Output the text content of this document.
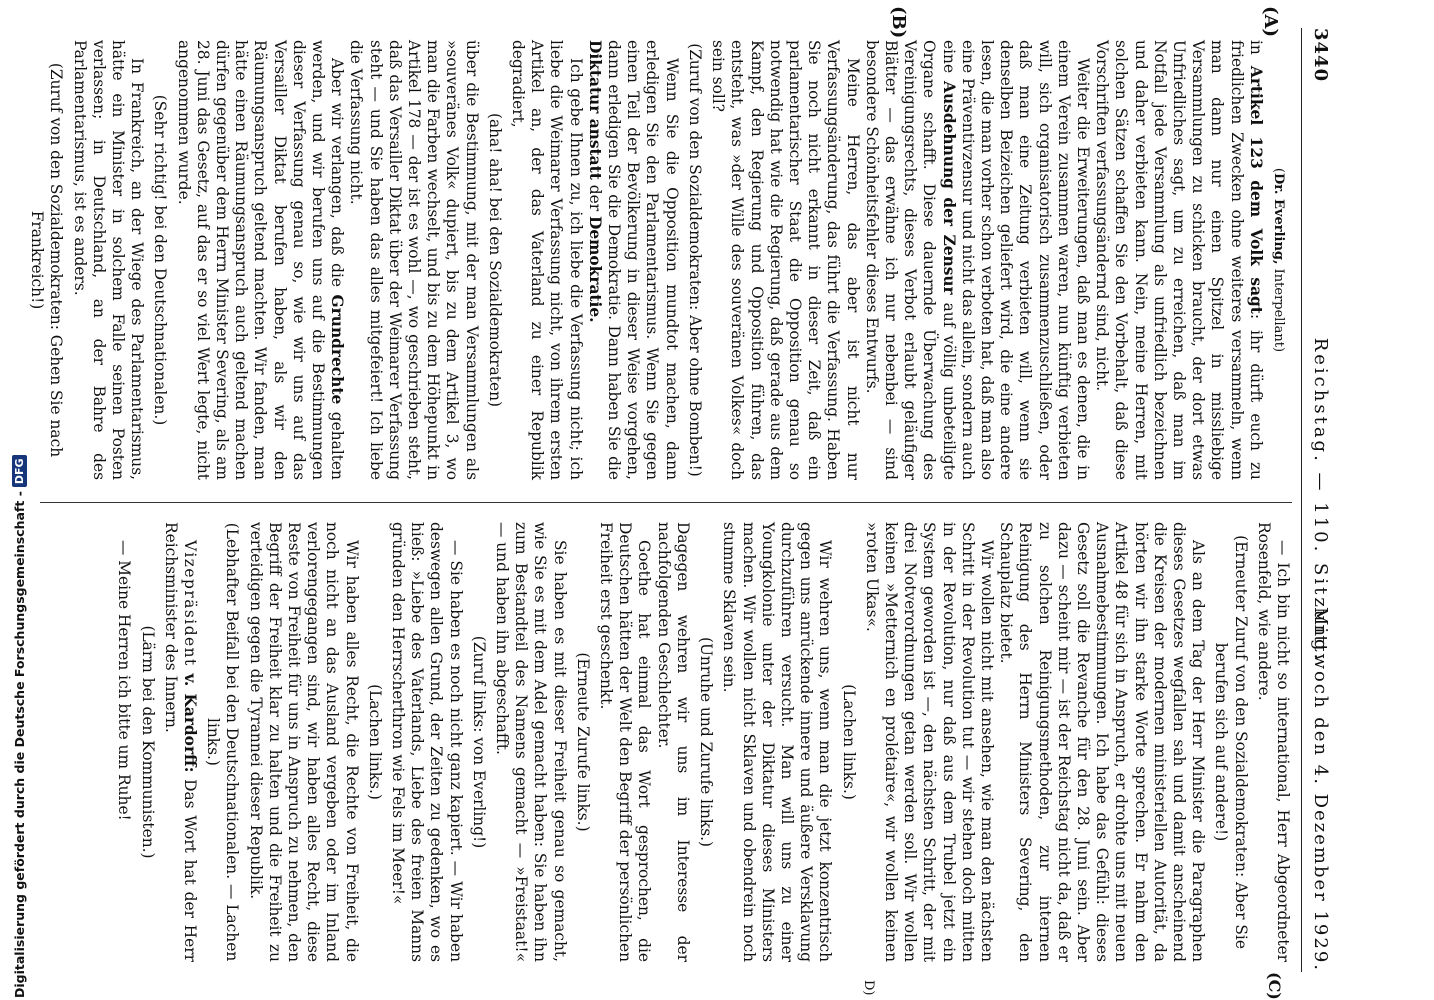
3440
Reichstag. — 110. Sitzung.
Mittwoch den 4. Dezember 1929.
(A)
(B)
(C)
D)

(Dr. Everling, Interpellant)

in Artikel 123 dem Volk sagt: ihr dürft euch zu friedlichen Zwecken ohne weiteres versammeln, wenn man dann nur einen Spitzel in missliebige Versammlungen zu schicken braucht, der dort etwas Unfriedliches sagt, um zu erreichen, daß man im Notfall jede Versammlung als unfriedlich bezeichnen und daher verbieten kann. Nein, meine Herren, mit solchen Sätzen schaffen Sie den Vorbehalt, daß diese Vorschriften verfassungsändernd sind, nicht.

Weiter die Erweiterungen, daß man es denen, die in einem Verein zusammen waren, nun künftig verbieten will, sich organisatorisch zusammenzuschließen, oder daß man eine Zeitung verbieten will, wenn sie denselben Beizeichen geliefert wird, die eine andere lesen, die man vorher schon verboten hat, daß man also eine Präventivzensur und nicht das allein, sondern auch eine Ausdehnung der Zensur auf völlig unbeteiligte Organe schafft. Diese dauernde Überwachung des Vereinigungsrechts, dieses Verbot erlaubt geläufiger Blätter — das erwähne ich nur nebenbei — sind besondere Schönheitsfehler dieses Entwurfs.

Meine Herren, das aber ist nicht nur Verfassungsänderung, das führt die Verfassung. Haben Sie noch nicht erkannt in dieser Zeit, daß ein parlamentarischer Staat die Opposition genau so notwendig hat wie die Regierung, daß gerade aus dem Kampf, den Regierung und Opposition führen, das entsteht, was »der Wille des souveränen Volkes« doch sein soll?

(Zuruf von den Sozialdemokraten: Aber ohne Bomben!)

Wenn Sie die Opposition mundtot machen, dann erledigen Sie den Parlamentarismus. Wenn Sie gegen einen Teil der Bevölkerung in dieser Weise vorgehen, dann erledigen Sie die Demokratie. Dann haben Sie die Diktatur anstatt der Demokratie.

Ich gebe Ihnen zu, ich liebe die Verfassung nicht; ich liebe die Weimarer Verfassung nicht, von ihrem ersten Artikel an, der das Vaterland zu einer Republik degradiert,

(aha! aha! bei den Sozialdemokraten)

über die Bestimmung, mit der man Versammlungen als »souveränes Volk« dupiert, bis zu dem Artikel 3, wo man die Farben wechselt, und bis zu dem Höhepunkt in Artikel 178 — der ist es wohl —, wo geschrieben steht, daß das Versailler Diktat über der Weimarer Verfassung steht — und Sie haben das alles mitgefeiert! Ich liebe die Verfassung nicht.

Aber wir verlangen, daß die Grundrechte gehalten werden, und wir berufen uns auf die Bestimmungen dieser Verfassung genau so, wie wir uns auf das Versailler Diktat berufen haben, als wir den Räumungsanspruch geltend machten. Wir fanden, man hätte einen Räumungsanspruch auch geltend machen dürfen gegenüber dem Herrn Minister Severing, als am 28. Juni das Gesetz, auf das er so viel Wert legte, nicht angenommen wurde.

(Sehr richtig! bei den Deutschnationalen.)

In Frankreich, an der Wiege des Parlamentarismus, hätte ein Minister in solchem Falle seinen Posten verlassen; in Deutschland, an der Bahre des Parlamentarismus, ist es anders.

(Zuruf von den Sozialdemokraten: Gehen Sie nach Frankreich!)

— Ich bin nicht so international, Herr Abgeordneter Rosenfeld, wie andere.

(Erneuter Zuruf von den Sozialdemokraten: Aber Sie berufen sich auf andere!)

Als an dem Tag der Herr Minister die Paragraphen dieses Gesetzes wegfallen sah und damit anscheinend die Kreisen der modernen ministeriellen Autorität, da hörten wir ihn starke Worte sprechen. Er nahm den Artikel 48 für sich in Anspruch, er drohte uns mit neuen Ausnahmebestimmungen. Ich habe das Gefühl: dieses Gesetz soll die Revanche für den 28. Juni sein. Aber dazu — scheint mir — ist der Reichstag nicht da, daß er zu solchen Reinigungsmethoden, zur internen Reinigung des Herrn Ministers Severing, den Schauplatz bietet.

Wir wollen nicht mit ansehen, wie man den nächsten Schritt in der Revolution tut — wir stehen doch mitten in der Revolution, nur daß aus dem Trubel jetzt ein System geworden ist —, den nächsten Schritt, der mit drei Notverordnungen getan werden soll. Wir wollen keinen »Metternich en prolétaire«, wir wollen keinen »roten Ukas«.

(Lachen links.)

Wir wehren uns, wenn man die jetzt konzentrisch gegen uns anrückende innere und äußere Versklavung durchzuführen versucht. Man will uns zu einer Youngkolonie unter der Diktatur dieses Ministers machen. Wir wollen nicht Sklaven und obendrein noch stumme Sklaven sein.

(Unruhe und Zurufe links.)

Dagegen wehren wir uns im Interesse der nachfolgenden Geschlechter.

Goethe hat einmal das Wort gesprochen, die Deutschen hätten der Welt den Begriff der persönlichen Freiheit erst geschenkt.

(Erneute Zurufe links.)

Sie haben es mit dieser Freiheit genau so gemacht, wie Sie es mit dem Adel gemacht haben: Sie haben ihn zum Bestandteil des Namens gemacht — »Freistaat!« — und haben ihn abgeschafft.

(Zuruf links: von Everling!)

— Sie haben es noch nicht ganz kapiert. — Wir haben deswegen allen Grund, der Zeiten zu gedenken, wo es hieß: »Liebe des Vaterlands, Liebe des freien Manns gründen den Herrscherthron wie Fels im Meer!«

(Lachen links.)

Wir haben alles Recht, die Rechte von Freiheit, die noch nicht an das Ausland vergeben oder im Inland verlorengegangen sind, wir haben alles Recht, diese Reste von Freiheit für uns in Anspruch zu nehmen, den Begriff der Freiheit klar zu halten und die Freiheit zu verteidigen gegen die Tyrannei dieser Republik.

(Lebhafter Beifall bei den Deutschnationalen. — Lachen links.)

Vizepräsident v. Kardorff: Das Wort hat der Herr Reichsminister des Innern.

(Lärm bei den Kommunisten.)

— Meine Herren ich bitte um Ruhe!

Digitalisierung gefördert durch die Deutsche Forschungsgemeinschaft -
DFG
